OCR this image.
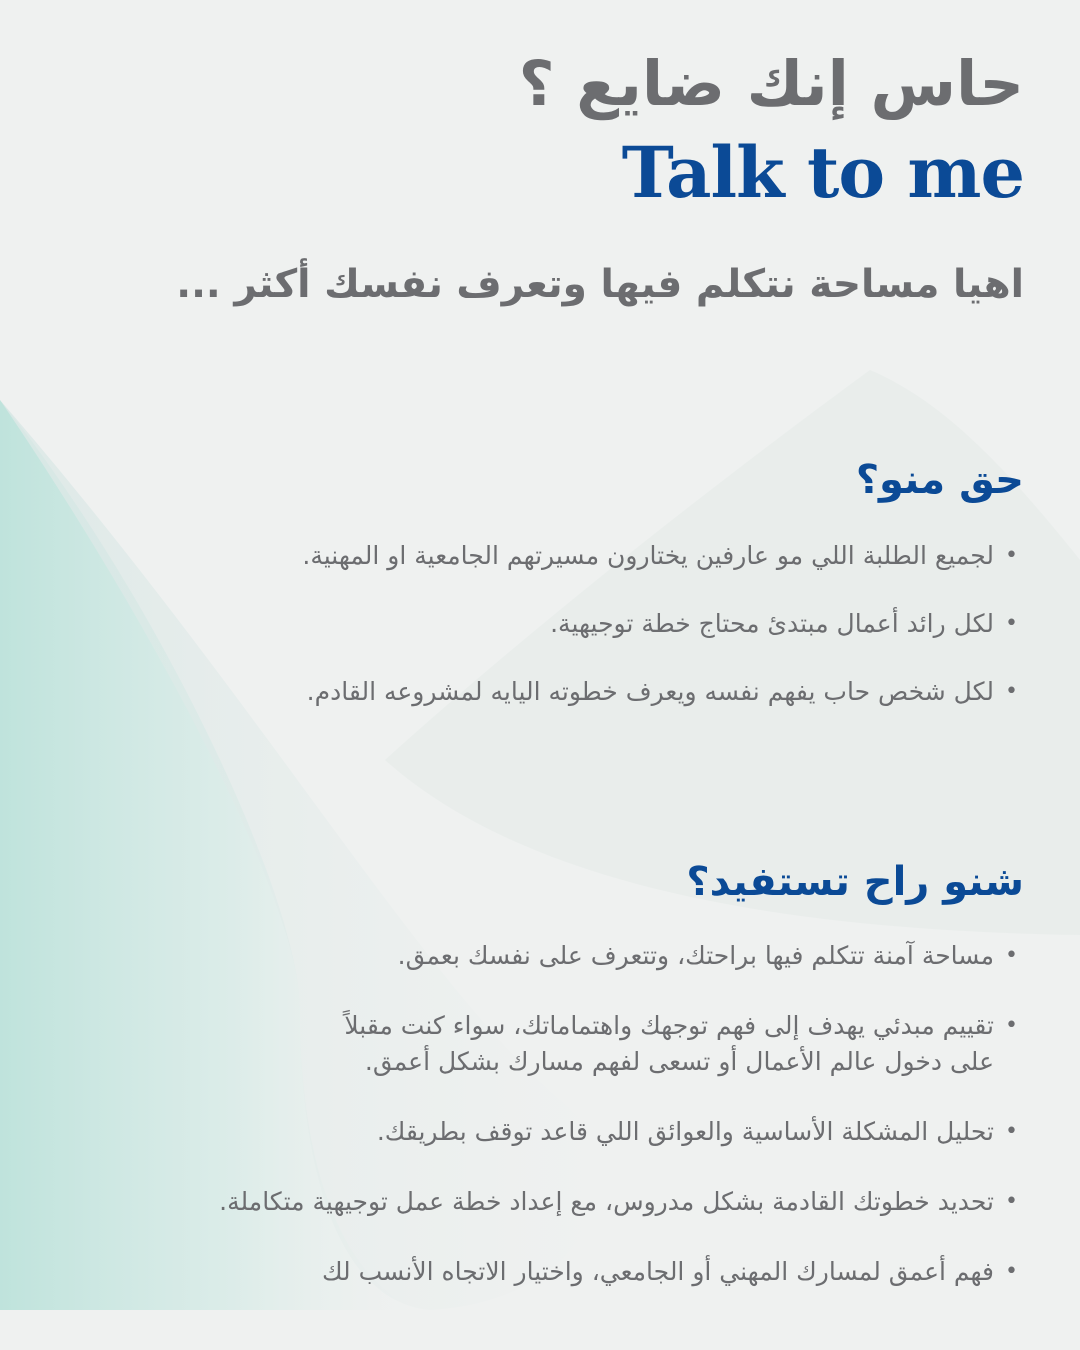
حاس إنك ضايع ؟
Talk to me

اهيا مساحة نتكلم فيها وتعرف نفسك أكثر ...

حق منو؟
•
لجميع الطلبة اللي مو عارفين يختارون مسيرتهم الجامعية او المهنية.
•
لكل رائد أعمال مبتدئ محتاج خطة توجيهية.
•
لكل شخص حاب يفهم نفسه ويعرف خطوته اليايه لمشروعه القادم.
شنو راح تستفيد؟
•
مساحة آمنة تتكلم فيها براحتك، وتتعرف على نفسك بعمق.
•
تقييم مبدئي يهدف إلى فهم توجهك واهتماماتك، سواء كنت مقبلاً
على دخول عالم الأعمال أو تسعى لفهم مسارك بشكل أعمق.
•
تحليل المشكلة الأساسية والعوائق اللي قاعد توقف بطريقك.
•
تحديد خطوتك القادمة بشكل مدروس، مع إعداد خطة عمل توجيهية متكاملة.
•
فهم أعمق لمسارك المهني أو الجامعي، واختيار الاتجاه الأنسب لك
